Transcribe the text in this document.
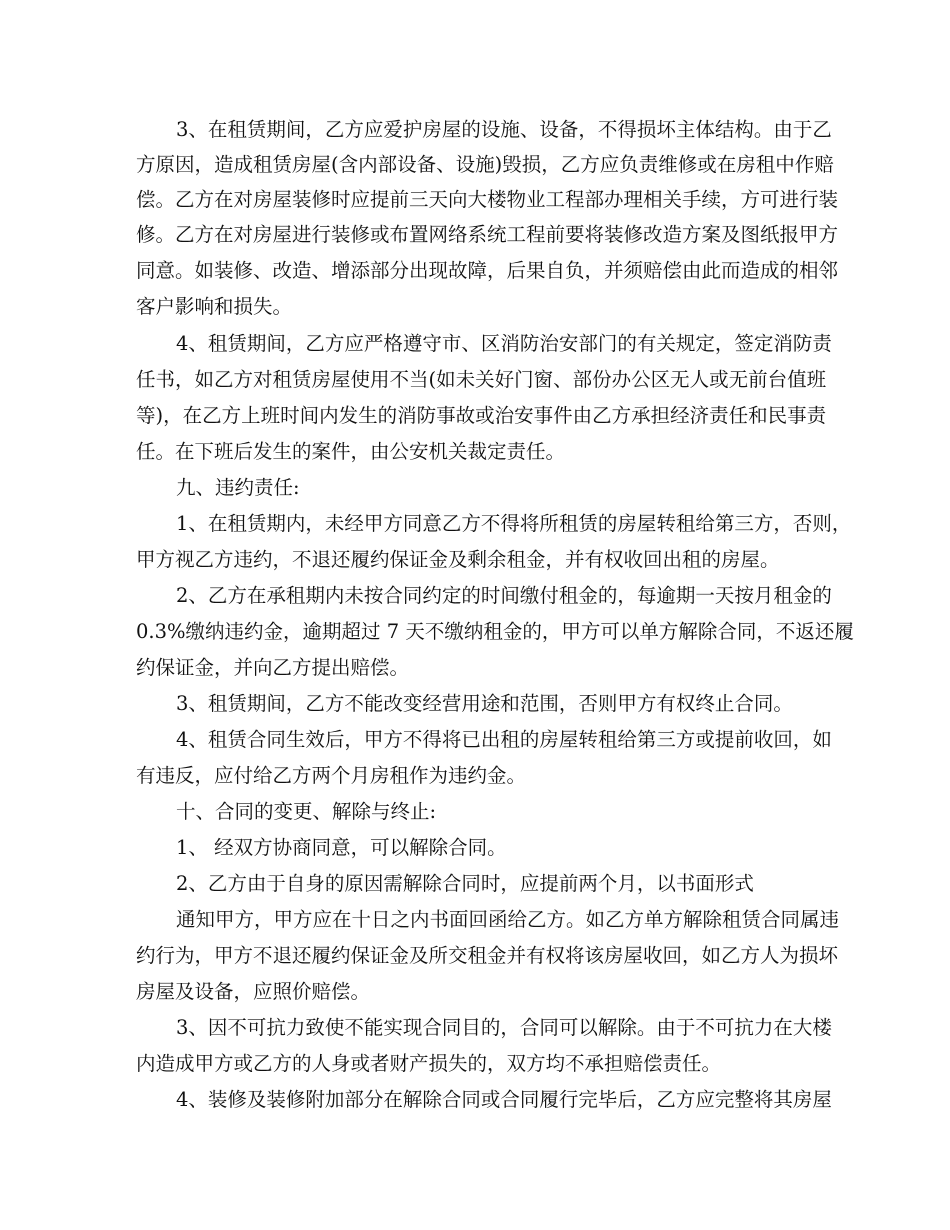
3、在租赁期间，乙方应爱护房屋的设施、设备，不得损坏主体结构。由于乙
方原因，造成租赁房屋(含内部设备、设施)毁损，乙方应负责维修或在房租中作赔
偿。乙方在对房屋装修时应提前三天向大楼物业工程部办理相关手续，方可进行装
修。乙方在对房屋进行装修或布置网络系统工程前要将装修改造方案及图纸报甲方
同意。如装修、改造、增添部分出现故障，后果自负，并须赔偿由此而造成的相邻
客户影响和损失。
4、租赁期间，乙方应严格遵守市、区消防治安部门的有关规定，签定消防责
任书，如乙方对租赁房屋使用不当(如未关好门窗、部份办公区无人或无前台值班
等)，在乙方上班时间内发生的消防事故或治安事件由乙方承担经济责任和民事责
任。在下班后发生的案件，由公安机关裁定责任。
九、违约责任:
1、在租赁期内，未经甲方同意乙方不得将所租赁的房屋转租给第三方，否则，
甲方视乙方违约，不退还履约保证金及剩余租金，并有权收回出租的房屋。
2、乙方在承租期内未按合同约定的时间缴付租金的，每逾期一天按月租金的
0.3%缴纳违约金，逾期超过 7 天不缴纳租金的，甲方可以单方解除合同，不返还履
约保证金，并向乙方提出赔偿。
3、租赁期间，乙方不能改变经营用途和范围，否则甲方有权终止合同。
4、租赁合同生效后，甲方不得将已出租的房屋转租给第三方或提前收回，如
有违反，应付给乙方两个月房租作为违约金。
十、合同的变更、解除与终止:
1、 经双方协商同意，可以解除合同。
2、乙方由于自身的原因需解除合同时，应提前两个月，以书面形式
通知甲方，甲方应在十日之内书面回函给乙方。如乙方单方解除租赁合同属违
约行为，甲方不退还履约保证金及所交租金并有权将该房屋收回，如乙方人为损坏
房屋及设备，应照价赔偿。
3、因不可抗力致使不能实现合同目的，合同可以解除。由于不可抗力在大楼
内造成甲方或乙方的人身或者财产损失的，双方均不承担赔偿责任。
4、装修及装修附加部分在解除合同或合同履行完毕后，乙方应完整将其房屋
